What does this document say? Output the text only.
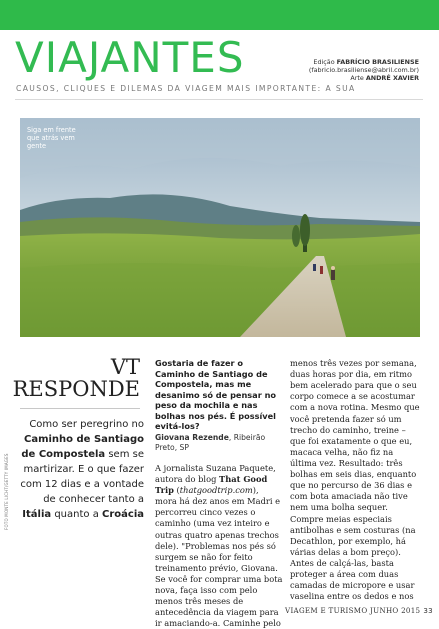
VIAJANTES	Edição FABRÍCIO BRASILIENSE
(fabricio.brasiliense@abril.com.br)
Arte ANDRÉ XAVIER
CAUSOS, CLIQUES E DILEMAS DA VIAGEM MAIS IMPORTANTE: A SUA
Siga em frente que atrás vem gente
FOTO MONTE LICHT/GETTY IMAGES
VT
RESPONDE
Como ser peregrino no Caminho de Santiago de Compostela sem se martirizar. E o que fazer com 12 dias e a vontade de conhecer tanto a Itália quanto a Croácia
Gostaria de fazer o Caminho de Santiago de Compostela, mas me desanimo só de pensar no peso da mochila e nas bolhas nos pés. É possível evitá-los?
Giovana Rezende, Ribeirão Preto, SP
A jornalista Suzana Paquete, autora do blog That Good Trip (thatgoodtrip.com), mora há dez anos em Madri e percorreu cinco vezes o caminho (uma vez inteiro e outras quatro apenas trechos dele). "Problemas nos pés só surgem se não for feito treinamento prévio, Giovana. Se você for comprar uma bota nova, faça isso com pelo menos três meses de antecedência da viagem para ir amaciando-a. Caminhe pelo
menos três vezes por semana, duas horas por dia, em ritmo bem acelerado para que o seu corpo comece a se acostumar com a nova rotina. Mesmo que você pretenda fazer só um trecho do caminho, treine – que foi exatamente o que eu, macaca velha, não fiz na última vez. Resultado: três bolhas em seis dias, enquanto que no percurso de 36 dias e com bota amaciada não tive nem uma bolha sequer. Compre meias especiais antibolhas e sem costuras (na Decathlon, por exemplo, há várias delas a bom preço). Antes de calçá-las, basta proteger a área com duas camadas de micropore e usar vaselina entre os dedos e nos
VIAGEM E TURISMO JUNHO 2015 33
